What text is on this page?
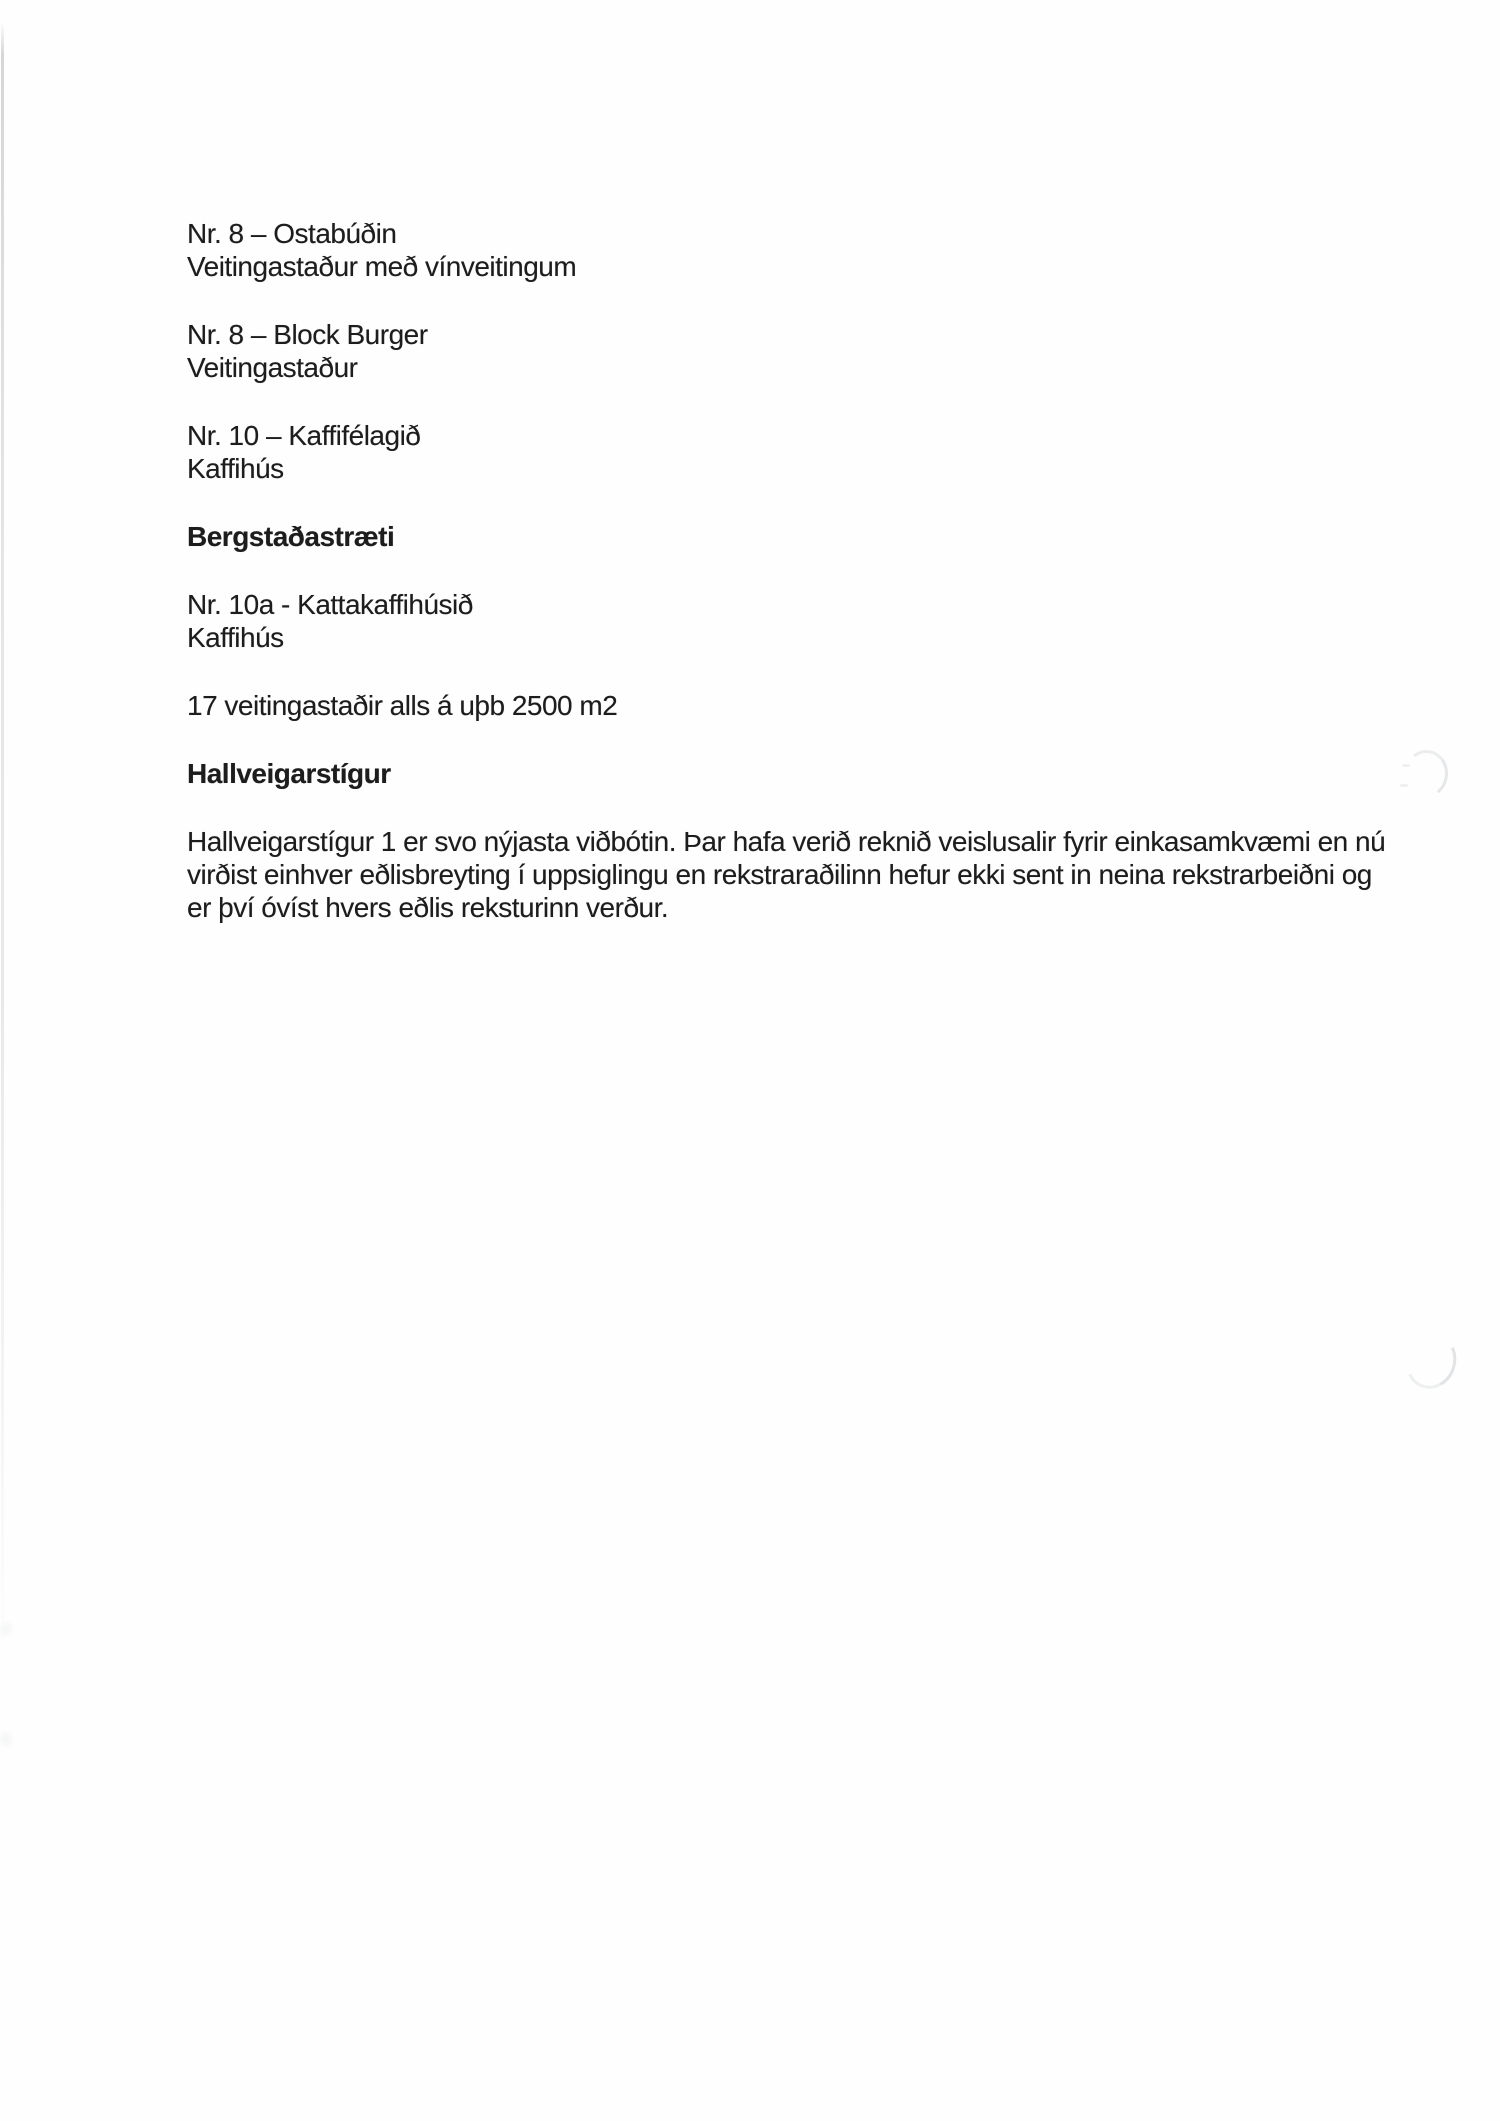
Nr. 8 – Ostabúðin
Veitingastaður með vínveitingum
Nr. 8 – Block Burger
Veitingastaður
Nr. 10 – Kaffifélagið
Kaffihús
Bergstaðastræti
Nr. 10a - Kattakaffihúsið
Kaffihús
17 veitingastaðir alls á uþb 2500 m2
Hallveigarstígur
Hallveigarstígur 1 er svo nýjasta viðbótin. Þar hafa verið reknið veislusalir fyrir einkasamkvæmi en nú
virðist einhver eðlisbreyting í uppsiglingu en rekstraraðilinn hefur ekki sent in neina rekstrarbeiðni og
er því óvíst hvers eðlis reksturinn verður.
